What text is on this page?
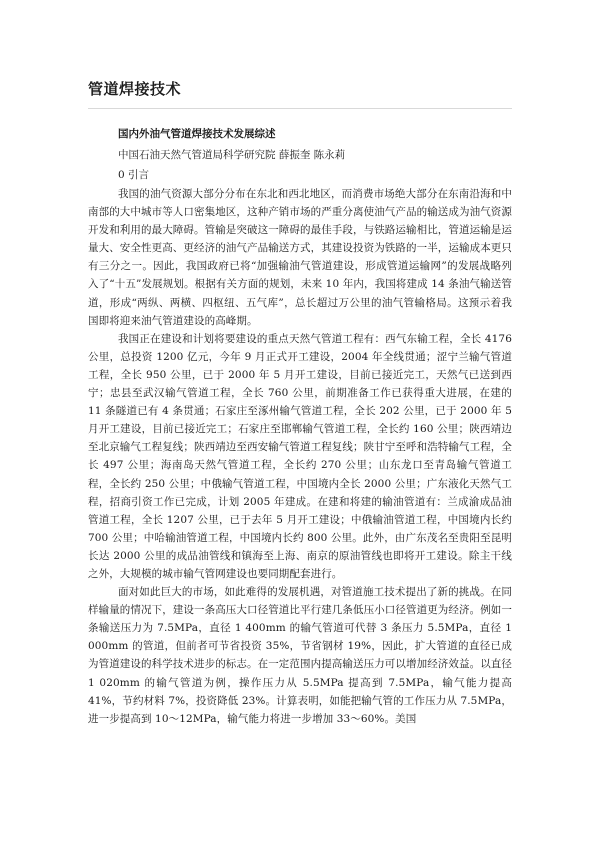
管道焊接技术
国内外油气管道焊接技术发展综述
中国石油天然气管道局科学研究院 薛振奎 陈永莉
0 引言

我国的油气资源大部分分布在东北和西北地区，而消费市场绝大部分在东南沿海和中南部的大中城市等人口密集地区，这种产销市场的严重分离使油气产品的输送成为油气资源开发和利用的最大障碍。管输是突破这一障碍的最佳手段，与铁路运输相比，管道运输是运量大、安全性更高、更经济的油气产品输送方式，其建设投资为铁路的一半，运输成本更只有三分之一。因此，我国政府已将“加强输油气管道建设，形成管道运输网”的发展战略列入了“十五”发展规划。根据有关方面的规划，未来 10 年内，我国将建成 14 条油气输送管道，形成“两纵、两横、四枢纽、五气库”，总长超过万公里的油气管输格局。这预示着我国即将迎来油气管道建设的高峰期。

我国正在建设和计划将要建设的重点天然气管道工程有：西气东输工程，全长 4176 公里，总投资 1200 亿元，今年 9 月正式开工建设，2004 年全线贯通；涩宁兰输气管道工程，全长 950 公里，已于 2000 年 5 月开工建设，目前已接近完工，天然气已送到西宁；忠县至武汉输气管道工程，全长 760 公里，前期准备工作已获得重大进展，在建的 11 条隧道已有 4 条贯通；石家庄至涿州输气管道工程，全长 202 公里，已于 2000 年 5 月开工建设，目前已接近完工；石家庄至邯郸输气管道工程，全长约 160 公里；陕西靖边至北京输气工程复线；陕西靖边至西安输气管道工程复线；陕甘宁至呼和浩特输气工程，全长 497 公里；海南岛天然气管道工程，全长约 270 公里；山东龙口至青岛输气管道工程，全长约 250 公里；中俄输气管道工程，中国境内全长 2000 公里；广东液化天然气工程，招商引资工作已完成，计划 2005 年建成。在建和将建的输油管道有：兰成渝成品油管道工程，全长 1207 公里，已于去年 5 月开工建设；中俄输油管道工程，中国境内长约 700 公里；中哈输油管道工程，中国境内长约 800 公里。此外，由广东茂名至贵阳至昆明长达 2000 公里的成品油管线和镇海至上海、南京的原油管线也即将开工建设。除主干线之外，大规模的城市输气管网建设也要同期配套进行。

面对如此巨大的市场，如此难得的发展机遇，对管道施工技术提出了新的挑战。在同样输量的情况下，建设一条高压大口径管道比平行建几条低压小口径管道更为经济。例如一条输送压力为 7.5MPa，直径 1 400mm 的输气管道可代替 3 条压力 5.5MPa，直径 1 000mm 的管道，但前者可节省投资 35%，节省钢材 19%，因此，扩大管道的直径已成为管道建设的科学技术进步的标志。在一定范围内提高输送压力可以增加经济效益。以直径 1 020mm 的输气管道为例，操作压力从 5.5MPa 提高到 7.5MPa，输气能力提高 41%，节约材料 7%，投资降低 23%。计算表明，如能把输气管的工作压力从 7.5MPa，进一步提高到 10～12MPa，输气能力将进一步增加 33～60%。美国
